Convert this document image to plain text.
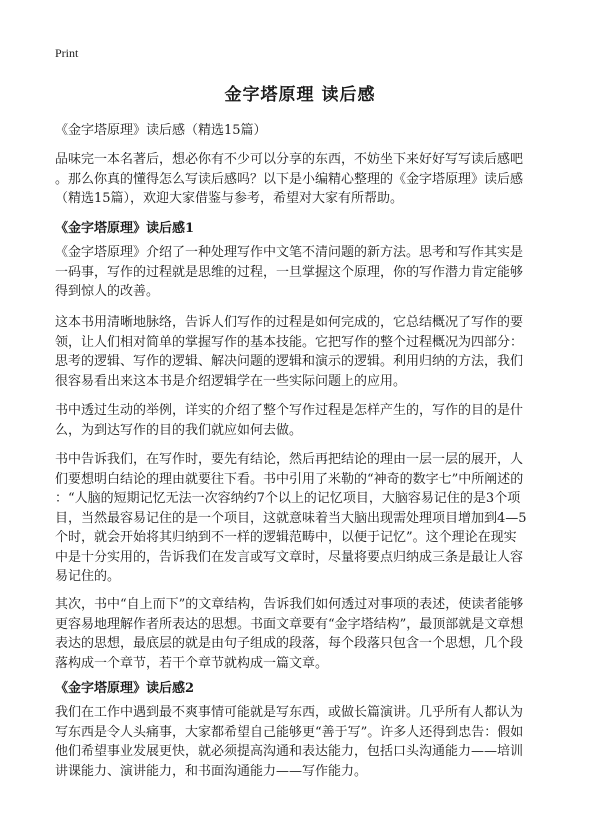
Print
金字塔原理 读后感
《金字塔原理》读后感（精选15篇）
品味完一本名著后，想必你有不少可以分享的东西，不妨坐下来好好写写读后感吧
。那么你真的懂得怎么写读后感吗？以下是小编精心整理的《金字塔原理》读后感
（精选15篇），欢迎大家借鉴与参考，希望对大家有所帮助。
《金字塔原理》读后感1
《金字塔原理》介绍了一种处理写作中文笔不清问题的新方法。思考和写作其实是
一码事，写作的过程就是思维的过程，一旦掌握这个原理，你的写作潜力肯定能够
得到惊人的改善。
这本书用清晰地脉络，告诉人们写作的过程是如何完成的，它总结概况了写作的要
领，让人们相对简单的掌握写作的基本技能。它把写作的整个过程概况为四部分：
思考的逻辑、写作的逻辑、解决问题的逻辑和演示的逻辑。利用归纳的方法，我们
很容易看出来这本书是介绍逻辑学在一些实际问题上的应用。
书中透过生动的举例，详实的介绍了整个写作过程是怎样产生的，写作的目的是什
么，为到达写作的目的我们就应如何去做。
书中告诉我们，在写作时，要先有结论，然后再把结论的理由一层一层的展开，人
们要想明白结论的理由就要往下看。书中引用了米勒的“神奇的数字七”中所阐述的
：“人脑的短期记忆无法一次容纳约7个以上的记忆项目，大脑容易记住的是3个项
目，当然最容易记住的是一个项目，这就意味着当大脑出现需处理项目增加到4—5
个时，就会开始将其归纳到不一样的逻辑范畴中，以便于记忆”。这个理论在现实
中是十分实用的，告诉我们在发言或写文章时，尽量将要点归纳成三条是最让人容
易记住的。
其次，书中“自上而下”的文章结构，告诉我们如何透过对事项的表述，使读者能够
更容易地理解作者所表达的思想。书面文章要有“金字塔结构”，最顶部就是文章想
表达的思想，最底层的就是由句子组成的段落，每个段落只包含一个思想，几个段
落构成一个章节，若干个章节就构成一篇文章。
《金字塔原理》读后感2
我们在工作中遇到最不爽事情可能就是写东西，或做长篇演讲。几乎所有人都认为
写东西是令人头痛事，大家都希望自己能够更“善于写”。许多人还得到忠告：假如
他们希望事业发展更快，就必须提高沟通和表达能力，包括口头沟通能力——培训
讲课能力、演讲能力，和书面沟通能力——写作能力。
